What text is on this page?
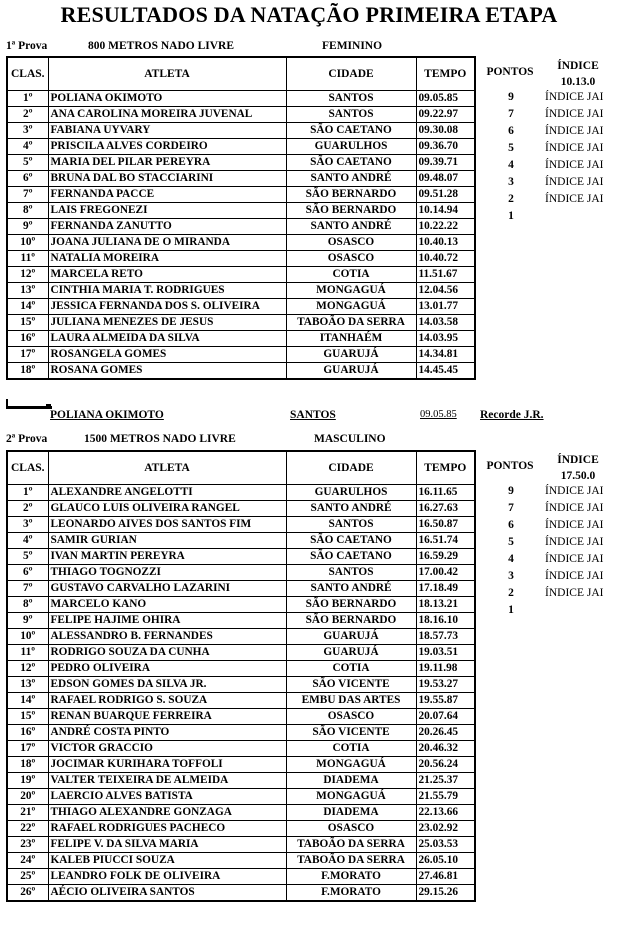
RESULTADOS DA NATAÇÃO PRIMEIRA ETAPA
1ª Prova	800 METROS NADO LIVRE	FEMININO
CLAS.	ATLETA	CIDADE	TEMPO
1º	POLIANA OKIMOTO	SANTOS	09.05.85
2º	ANA CAROLINA MOREIRA JUVENAL	SANTOS	09.22.97
3º	FABIANA UYVARY	SÃO CAETANO	09.30.08
4º	PRISCILA ALVES CORDEIRO	GUARULHOS	09.36.70
5º	MARIA DEL PILAR PEREYRA	SÃO CAETANO	09.39.71
6º	BRUNA DAL BO STACCIARINI	SANTO ANDRÉ	09.48.07
7º	FERNANDA PACCE	SÃO BERNARDO	09.51.28
8º	LAIS FREGONEZI	SÃO BERNARDO	10.14.94
9º	FERNANDA ZANUTTO	SANTO ANDRÉ	10.22.22
10º	JOANA JULIANA DE O MIRANDA	OSASCO	10.40.13
11º	NATALIA MOREIRA	OSASCO	10.40.72
12º	MARCELA RETO	COTIA	11.51.67
13º	CINTHIA MARIA T. RODRIGUES	MONGAGUÁ	12.04.56
14º	JESSICA FERNANDA DOS S. OLIVEIRA	MONGAGUÁ	13.01.77
15º	JULIANA MENEZES DE JESUS	TABOÃO DA SERRA	14.03.58
16º	LAURA ALMEIDA DA SILVA	ITANHAÉM	14.03.95
17º	ROSANGELA GOMES	GUARUJÁ	14.34.81
18º	ROSANA GOMES	GUARUJÁ	14.45.45
PONTOS	ÍNDICE
10.13.0
9	ÍNDICE JAI
7	ÍNDICE JAI
6	ÍNDICE JAI
5	ÍNDICE JAI
4	ÍNDICE JAI
3	ÍNDICE JAI
2	ÍNDICE JAI
1
POLIANA OKIMOTO	SANTOS	09.05.85 Recorde J.R.
2ª Prova	1500 METROS NADO LIVRE	MASCULINO
CLAS.	ATLETA	CIDADE	TEMPO
1º	ALEXANDRE ANGELOTTI	GUARULHOS	16.11.65
2º	GLAUCO LUIS OLIVEIRA RANGEL	SANTO ANDRÉ	16.27.63
3º	LEONARDO AIVES DOS SANTOS FIM	SANTOS	16.50.87
4º	SAMIR GURIAN	SÃO CAETANO	16.51.74
5º	IVAN MARTIN PEREYRA	SÃO CAETANO	16.59.29
6º	THIAGO TOGNOZZI	SANTOS	17.00.42
7º	GUSTAVO CARVALHO LAZARINI	SANTO ANDRÉ	17.18.49
8º	MARCELO KANO	SÃO BERNARDO	18.13.21
9º	FELIPE HAJIME OHIRA	SÃO BERNARDO	18.16.10
10º	ALESSANDRO B. FERNANDES	GUARUJÁ	18.57.73
11º	RODRIGO SOUZA DA CUNHA	GUARUJÁ	19.03.51
12º	PEDRO OLIVEIRA	COTIA	19.11.98
13º	EDSON GOMES DA SILVA JR.	SÃO VICENTE	19.53.27
14º	RAFAEL RODRIGO S. SOUZA	EMBU DAS ARTES	19.55.87
15º	RENAN BUARQUE FERREIRA	OSASCO	20.07.64
16º	ANDRÉ COSTA PINTO	SÃO VICENTE	20.26.45
17º	VICTOR GRACCIO	COTIA	20.46.32
18º	JOCIMAR KURIHARA TOFFOLI	MONGAGUÁ	20.56.24
19º	VALTER TEIXEIRA DE ALMEIDA	DIADEMA	21.25.37
20º	LAERCIO ALVES BATISTA	MONGAGUÁ	21.55.79
21º	THIAGO ALEXANDRE GONZAGA	DIADEMA	22.13.66
22º	RAFAEL RODRIGUES PACHECO	OSASCO	23.02.92
23º	FELIPE V. DA SILVA MARIA	TABOÃO DA SERRA	25.03.53
24º	KALEB PIUCCI SOUZA	TABOÃO DA SERRA	26.05.10
25º	LEANDRO FOLK DE OLIVEIRA	F.MORATO	27.46.81
26º	AÉCIO OLIVEIRA SANTOS	F.MORATO	29.15.26
PONTOS	ÍNDICE
17.50.0
9	ÍNDICE JAI
7	ÍNDICE JAI
6	ÍNDICE JAI
5	ÍNDICE JAI
4	ÍNDICE JAI
3	ÍNDICE JAI
2	ÍNDICE JAI
1
